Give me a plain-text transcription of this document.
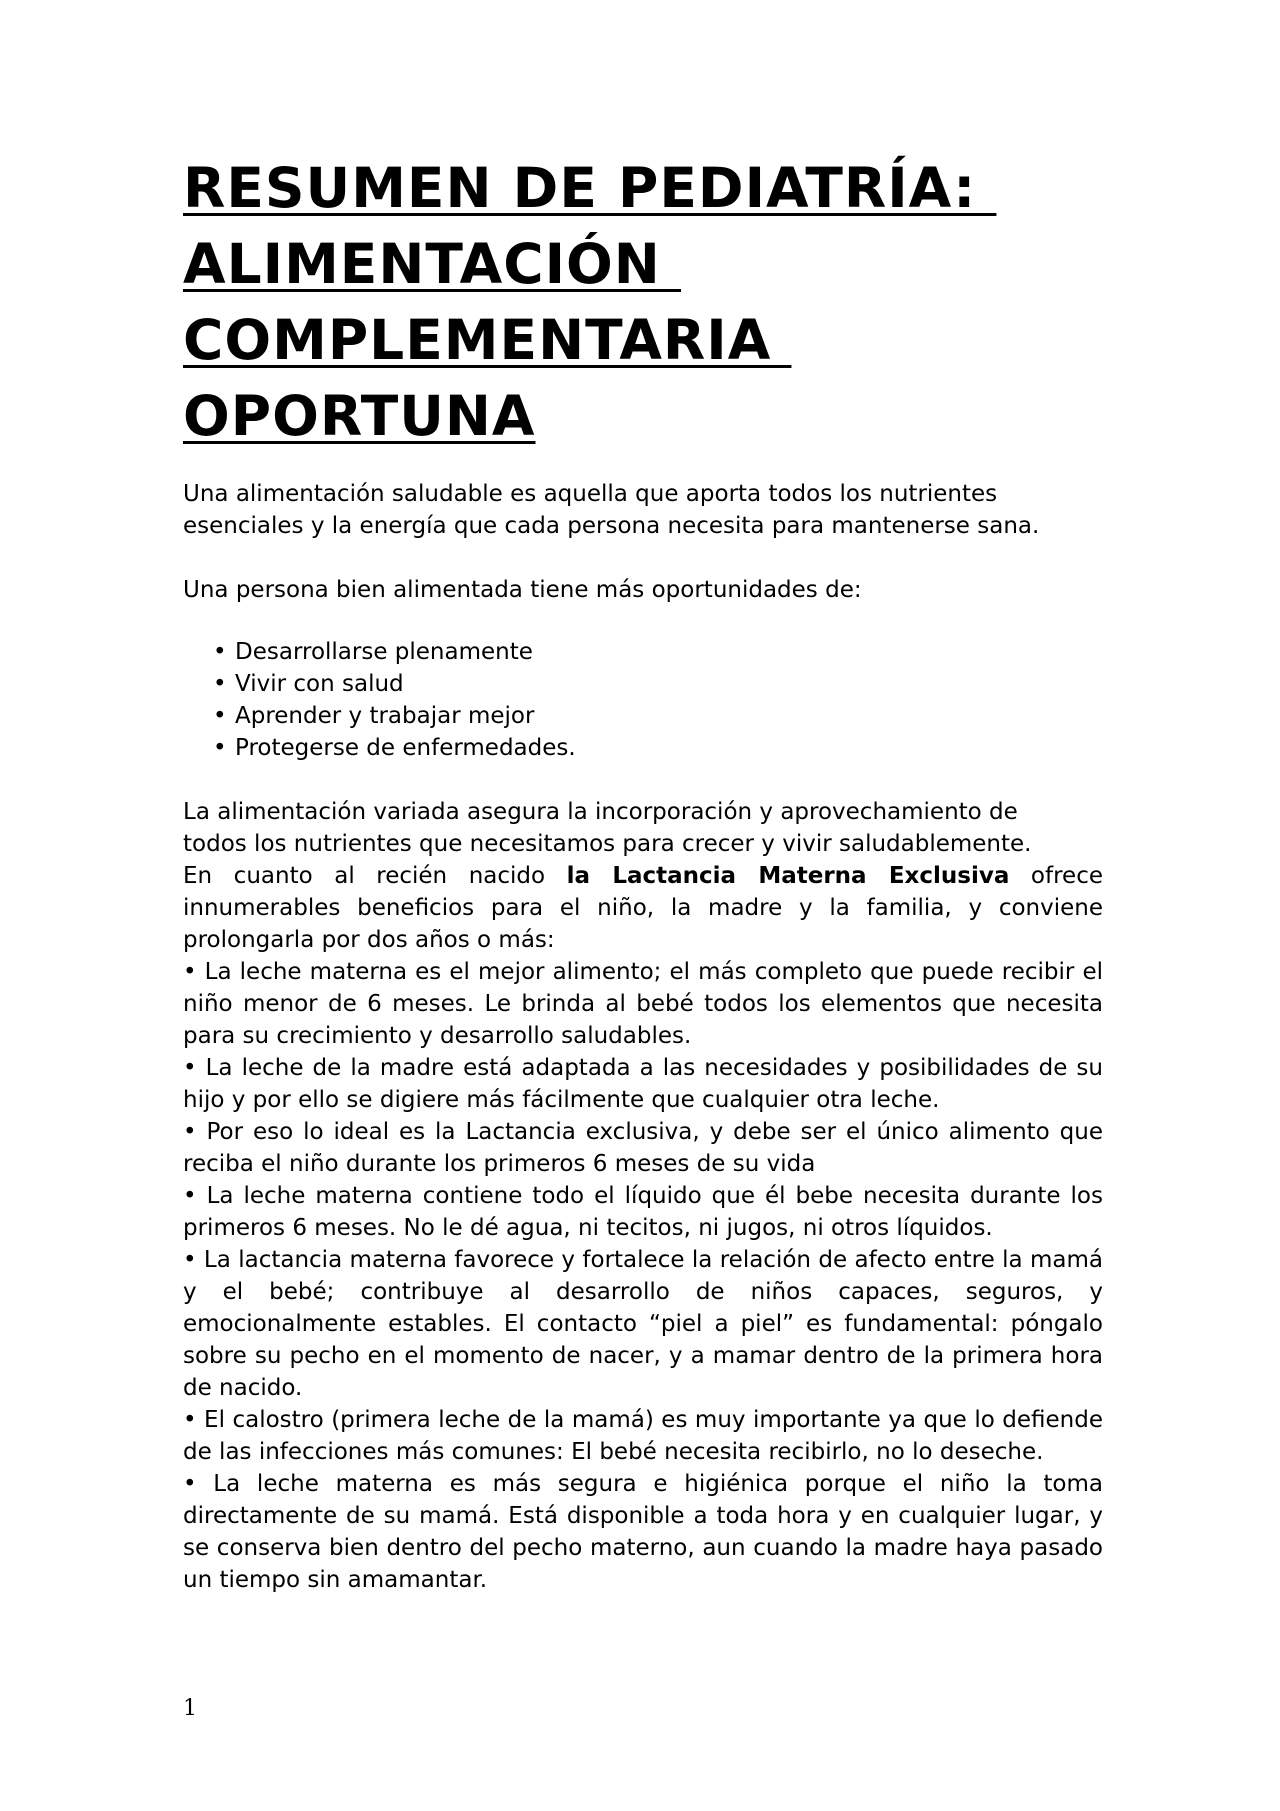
RESUMEN DE PEDIATRÍA:
ALIMENTACIÓN
COMPLEMENTARIA
OPORTUNA

Una alimentación saludable es aquella que aporta todos los nutrientes
esenciales y la energía que cada persona necesita para mantenerse sana.

Una persona bien alimentada tiene más oportunidades de:

• Desarrollarse plenamente
• Vivir con salud
• Aprender y trabajar mejor
• Protegerse de enfermedades.

La alimentación variada asegura la incorporación y aprovechamiento de
todos los nutrientes que necesitamos para crecer y vivir saludablemente.

En cuanto al recién nacido la Lactancia Materna Exclusiva ofrece innumerables beneficios para el niño, la madre y la familia, y conviene prolongarla por dos años o más:

• La leche materna es el mejor alimento; el más completo que puede recibir el niño menor de 6 meses. Le brinda al bebé todos los elementos que necesita para su crecimiento y desarrollo saludables.

• La leche de la madre está adaptada a las necesidades y posibilidades de su hijo y por ello se digiere más fácilmente que cualquier otra leche.

• Por eso lo ideal es la Lactancia exclusiva, y debe ser el único alimento que reciba el niño durante los primeros 6 meses de su vida

• La leche materna contiene todo el líquido que él bebe necesita durante los primeros 6 meses. No le dé agua, ni tecitos, ni jugos, ni otros líquidos.

• La lactancia materna favorece y fortalece la relación de afecto entre la mamá y el bebé; contribuye al desarrollo de niños capaces, seguros, y emocionalmente estables. El contacto “piel a piel” es fundamental: póngalo sobre su pecho en el momento de nacer, y a mamar dentro de la primera hora de nacido.

• El calostro (primera leche de la mamá) es muy importante ya que lo defiende de las infecciones más comunes: El bebé necesita recibirlo, no lo deseche.

• La leche materna es más segura e higiénica porque el niño la toma directamente de su mamá. Está disponible a toda hora y en cualquier lugar, y se conserva bien dentro del pecho materno, aun cuando la madre haya pasado un tiempo sin amamantar.

1
